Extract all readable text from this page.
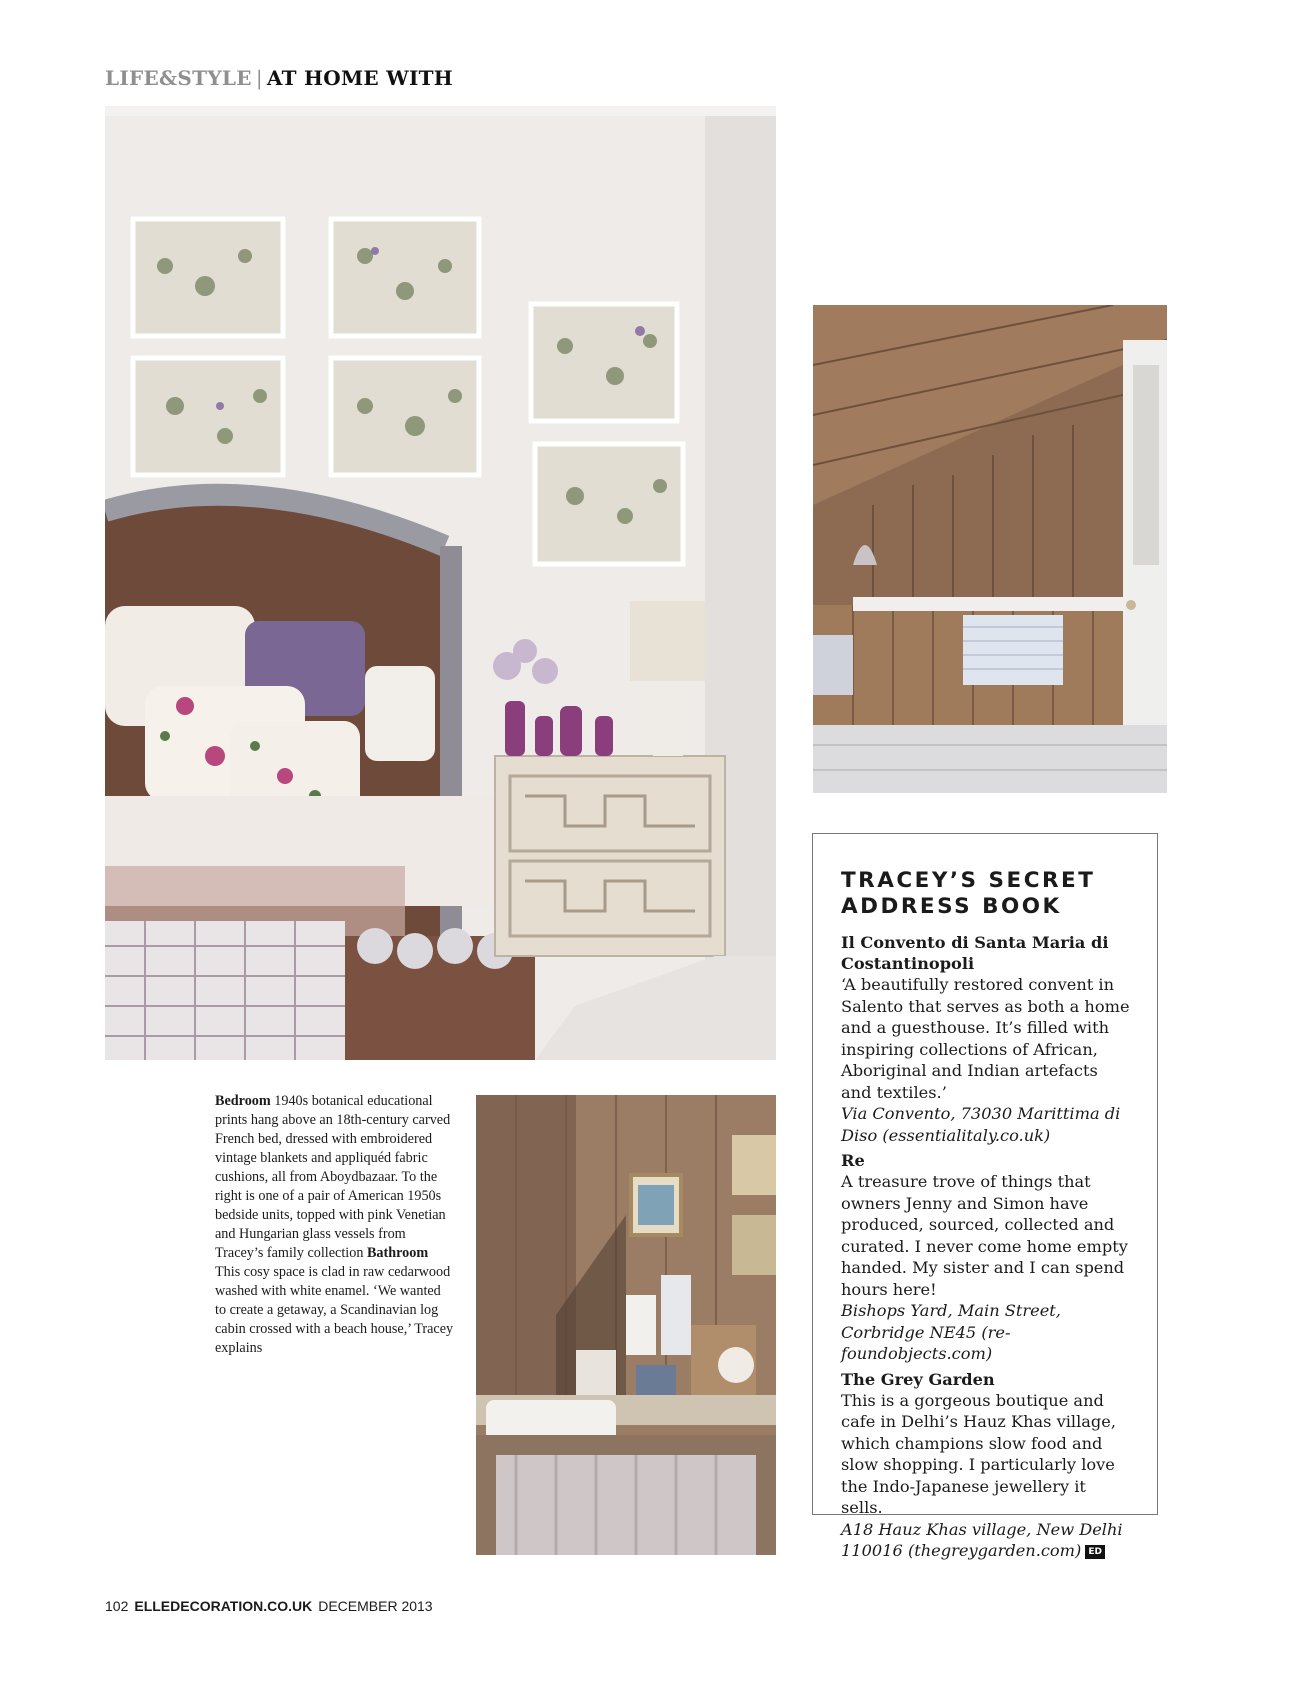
LIFE&STYLE | AT HOME WITH

Bedroom 1940s botanical educational prints hang above an 18th-century carved French bed, dressed with embroidered vintage blankets and appliquéd fabric cushions, all from Aboydbazaar. To the right is one of a pair of American 1950s bedside units, topped with pink Venetian and Hungarian glass vessels from Tracey’s family collection Bathroom This cosy space is clad in raw cedarwood washed with white enamel. ‘We wanted to create a getaway, a Scandinavian log cabin crossed with a beach house,’ Tracey explains

TRACEY’S SECRET ADDRESS BOOK
Il Convento di Santa Maria di Costantinopoli
‘A beautifully restored convent in Salento that serves as both a home and a guesthouse. It’s filled with inspiring collections of African, Aboriginal and Indian artefacts and textiles.’
Via Convento, 73030 Marittima di Diso (essentialitaly.co.uk)
Re
A treasure trove of things that owners Jenny and Simon have produced, sourced, collected and curated. I never come home empty handed. My sister and I can spend hours here!
Bishops Yard, Main Street, Corbridge NE45 (re-foundobjects.com)
The Grey Garden
This is a gorgeous boutique and cafe in Delhi’s Hauz Khas village, which champions slow food and slow shopping. I particularly love the Indo-Japanese jewellery it sells.
A18 Hauz Khas village, New Delhi 110016 (thegreygarden.com) ED
102 ELLEDECORATION.CO.UK DECEMBER 2013
